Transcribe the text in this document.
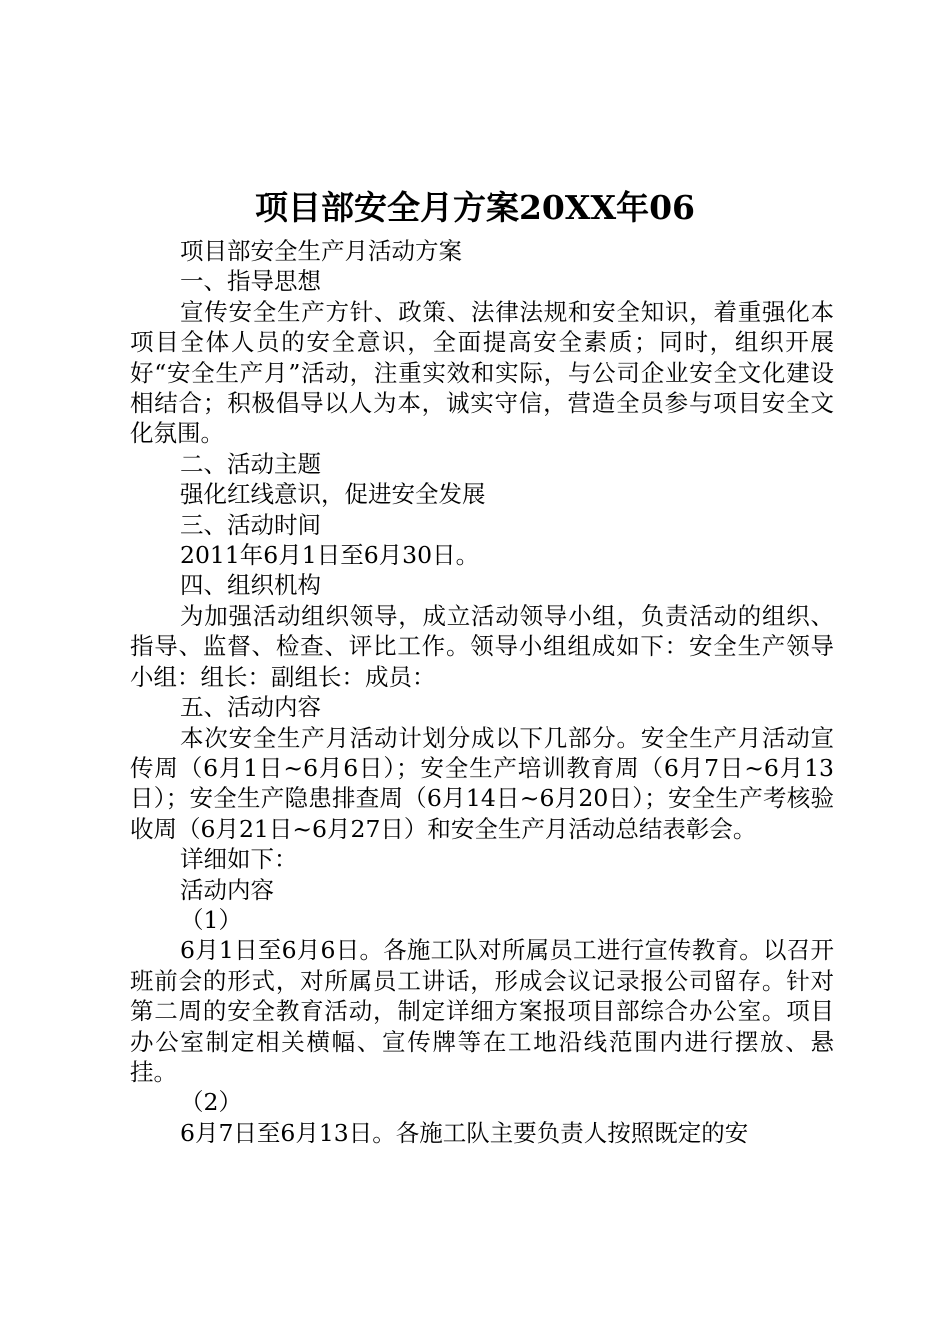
项目部安全月方案20XX年06

项目部安全生产月活动方案

一、指导思想

宣传安全生产方针、政策、法律法规和安全知识，着重强化本项目全体人员的安全意识，全面提高安全素质；同时，组织开展好“安全生产月”活动，注重实效和实际，与公司企业安全文化建设相结合；积极倡导以人为本，诚实守信，营造全员参与项目安全文化氛围。

二、活动主题

强化红线意识，促进安全发展

三、活动时间

2011年6月1日至6月30日。

四、组织机构

为加强活动组织领导，成立活动领导小组，负责活动的组织、指导、监督、检查、评比工作。领导小组组成如下：安全生产领导小组：组长：副组长：成员：

五、活动内容

本次安全生产月活动计划分成以下几部分。安全生产月活动宣传周（6月1日~6月6日）；安全生产培训教育周（6月7日~6月13日）；安全生产隐患排查周（6月14日~6月20日）；安全生产考核验收周（6月21日~6月27日）和安全生产月活动总结表彰会。

详细如下：

活动内容

（1）

6月1日至6月6日。各施工队对所属员工进行宣传教育。以召开班前会的形式，对所属员工讲话，形成会议记录报公司留存。针对第二周的安全教育活动，制定详细方案报项目部综合办公室。项目办公室制定相关横幅、宣传牌等在工地沿线范围内进行摆放、悬挂。

（2）

6月7日至6月13日。各施工队主要负责人按照既定的安
